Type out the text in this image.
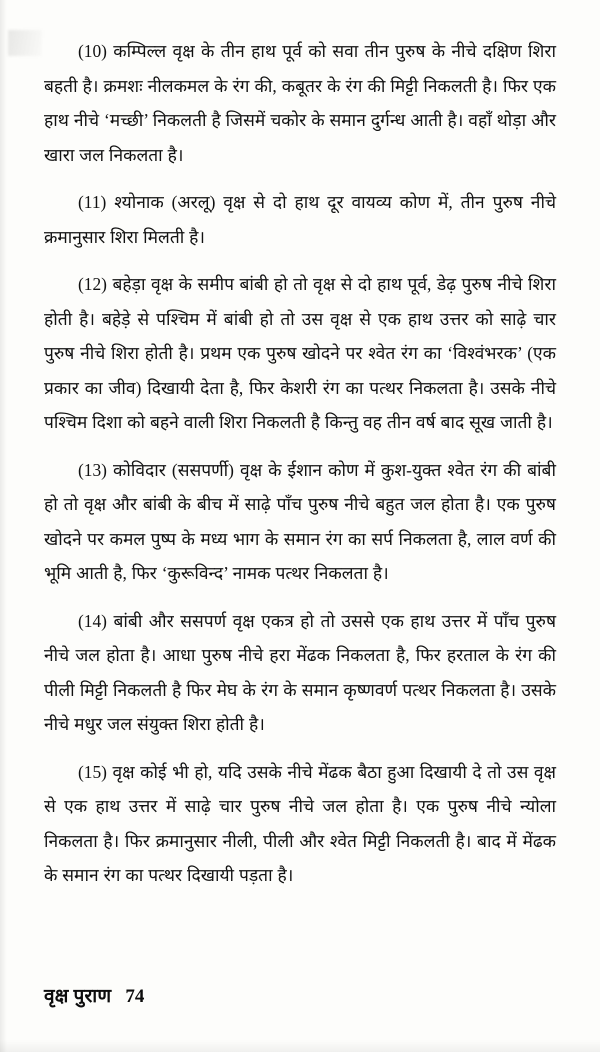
(10) कम्पिल्ल वृक्ष के तीन हाथ पूर्व को सवा तीन पुरुष के नीचे दक्षिण शिरा बहती है। क्रमशः नीलकमल के रंग की, कबूतर के रंग की मिट्टी निकलती है। फिर एक हाथ नीचे ‘मच्छी’ निकलती है जिसमें चकोर के समान दुर्गन्ध आती है। वहाँ थोड़ा और खारा जल निकलता है।

(11) श्योनाक (अरलू) वृक्ष से दो हाथ दूर वायव्य कोण में, तीन पुरुष नीचे क्रमानुसार शिरा मिलती है।

(12) बहेड़ा वृक्ष के समीप बांबी हो तो वृक्ष से दो हाथ पूर्व, डेढ़ पुरुष नीचे शिरा होती है। बहेड़े से पश्चिम में बांबी हो तो उस वृक्ष से एक हाथ उत्तर को साढ़े चार पुरुष नीचे शिरा होती है। प्रथम एक पुरुष खोदने पर श्वेत रंग का ‘विश्वंभरक’ (एक प्रकार का जीव) दिखायी देता है, फिर केशरी रंग का पत्थर निकलता है। उसके नीचे पश्चिम दिशा को बहने वाली शिरा निकलती है किन्तु वह तीन वर्ष बाद सूख जाती है।

(13) कोविदार (ससपर्णी) वृक्ष के ईशान कोण में कुश-युक्त श्वेत रंग की बांबी हो तो वृक्ष और बांबी के बीच में साढ़े पाँच पुरुष नीचे बहुत जल होता है। एक पुरुष खोदने पर कमल पुष्प के मध्य भाग के समान रंग का सर्प निकलता है, लाल वर्ण की भूमि आती है, फिर ‘कुरूविन्द’ नामक पत्थर निकलता है।

(14) बांबी और ससपर्ण वृक्ष एकत्र हो तो उससे एक हाथ उत्तर में पाँच पुरुष नीचे जल होता है। आधा पुरुष नीचे हरा मेंढक निकलता है, फिर हरताल के रंग की पीली मिट्टी निकलती है फिर मेघ के रंग के समान कृष्णवर्ण पत्थर निकलता है। उसके नीचे मधुर जल संयुक्त शिरा होती है।

(15) वृक्ष कोई भी हो, यदि उसके नीचे मेंढक बैठा हुआ दिखायी दे तो उस वृक्ष से एक हाथ उत्तर में साढ़े चार पुरुष नीचे जल होता है। एक पुरुष नीचे न्योला निकलता है। फिर क्रमानुसार नीली, पीली और श्वेत मिट्टी निकलती है। बाद में मेंढक के समान रंग का पत्थर दिखायी पड़ता है।

वृक्ष पुराण 74
